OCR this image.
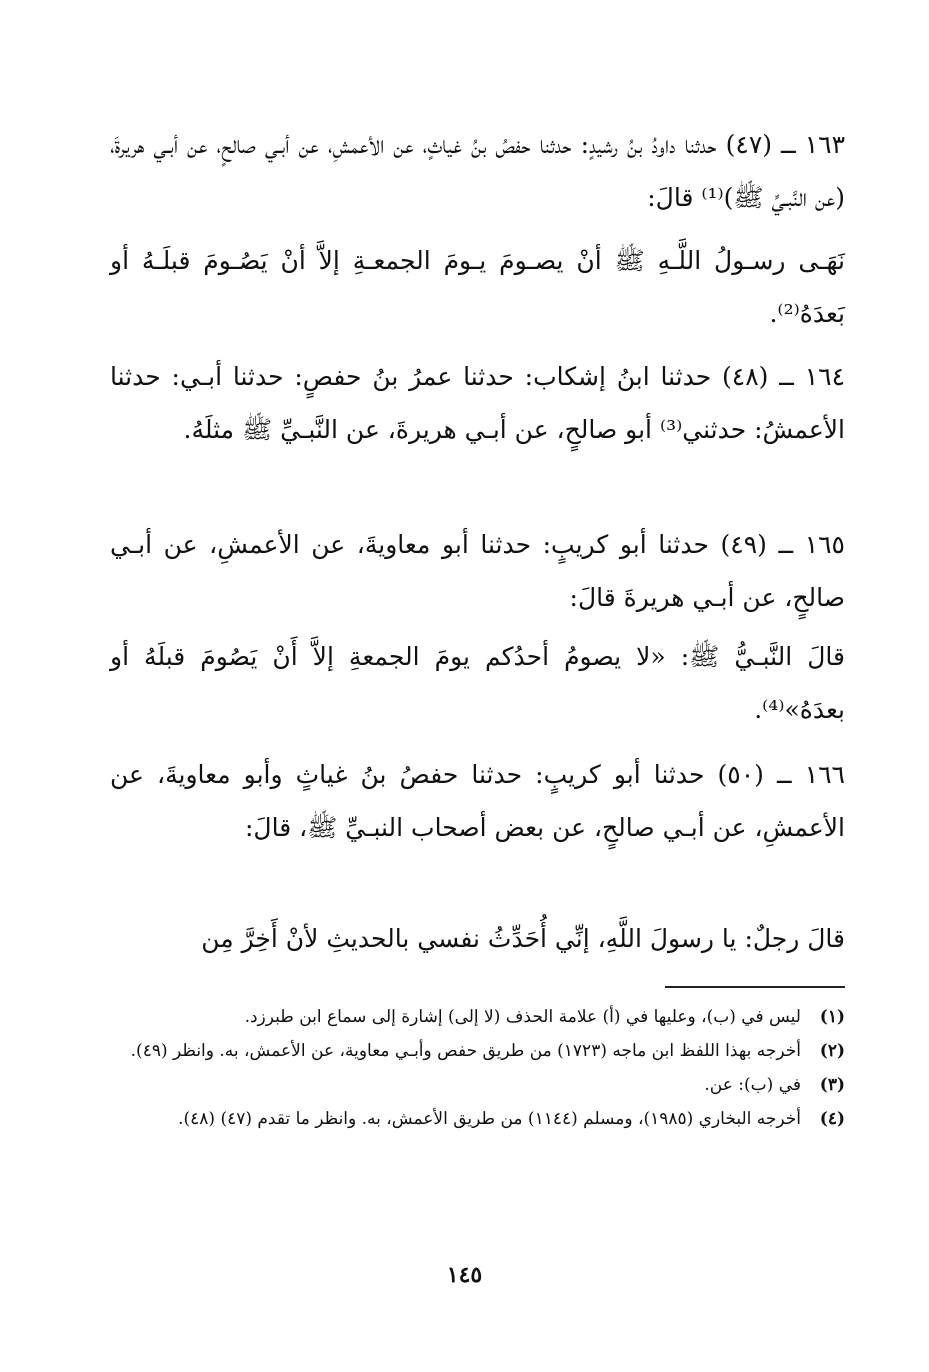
١٦٣ ــ (٤٧) حدثنا داودُ بنُ رشيدٍ: حدثنا حفصُ بنُ غياثٍ، عن الأعمشِ، عن أبـي صالحٍ، عن أبـي هريرةَ، (عن النَّبـيِّ ﷺ)⁽¹⁾ قالَ:

نَهَـى رسـولُ اللَّـهِ ﷺ أنْ يصـومَ يـومَ الجمعـةِ إلاَّ أنْ يَصُـومَ قبلَـهُ أو بَعدَهُ⁽²⁾.

١٦٤ ــ (٤٨) حدثنا ابنُ إشكاب: حدثنا عمرُ بنُ حفصٍ: حدثنا أبـي: حدثنا الأعمشُ: حدثني⁽³⁾ أبو صالحٍ، عن أبـي هريرةَ، عن النَّبـيِّ ﷺ مثلَهُ.

١٦٥ ــ (٤٩) حدثنا أبو كريبٍ: حدثنا أبو معاويةَ، عن الأعمشِ، عن أبـي صالحٍ، عن أبـي هريرةَ قالَ:

قالَ النَّبـيُّ ﷺ: «لا يصومُ أحدُكم يومَ الجمعةِ إلاَّ أَنْ يَصُومَ قبلَهُ أو بعدَهُ»⁽⁴⁾.

١٦٦ ــ (٥٠) حدثنا أبو كريبٍ: حدثنا حفصُ بنُ غياثٍ وأبو معاويةَ، عن الأعمشِ، عن أبـي صالحٍ، عن بعض أصحاب النبـيِّ ﷺ، قالَ:

قالَ رجلٌ: يا رسولَ اللَّهِ، إنِّي أُحَدِّثُ نفسي بالحديثِ لأنْ أَخِرَّ مِن

(١)
ليس في (ب)، وعليها في (أ) علامة الحذف (لا إلى) إشارة إلى سماع ابن طبرزد.
(٢)
أخرجه بهذا اللفظ ابن ماجه (١٧٢٣) من طريق حفص وأبـي معاوية، عن الأعمش، به. وانظر (٤٩).
(٣)
في (ب): عن.
(٤)
أخرجه البخاري (١٩٨٥)، ومسلم (١١٤٤) من طريق الأعمش، به. وانظر ما تقدم (٤٧) (٤٨).
١٤٥
